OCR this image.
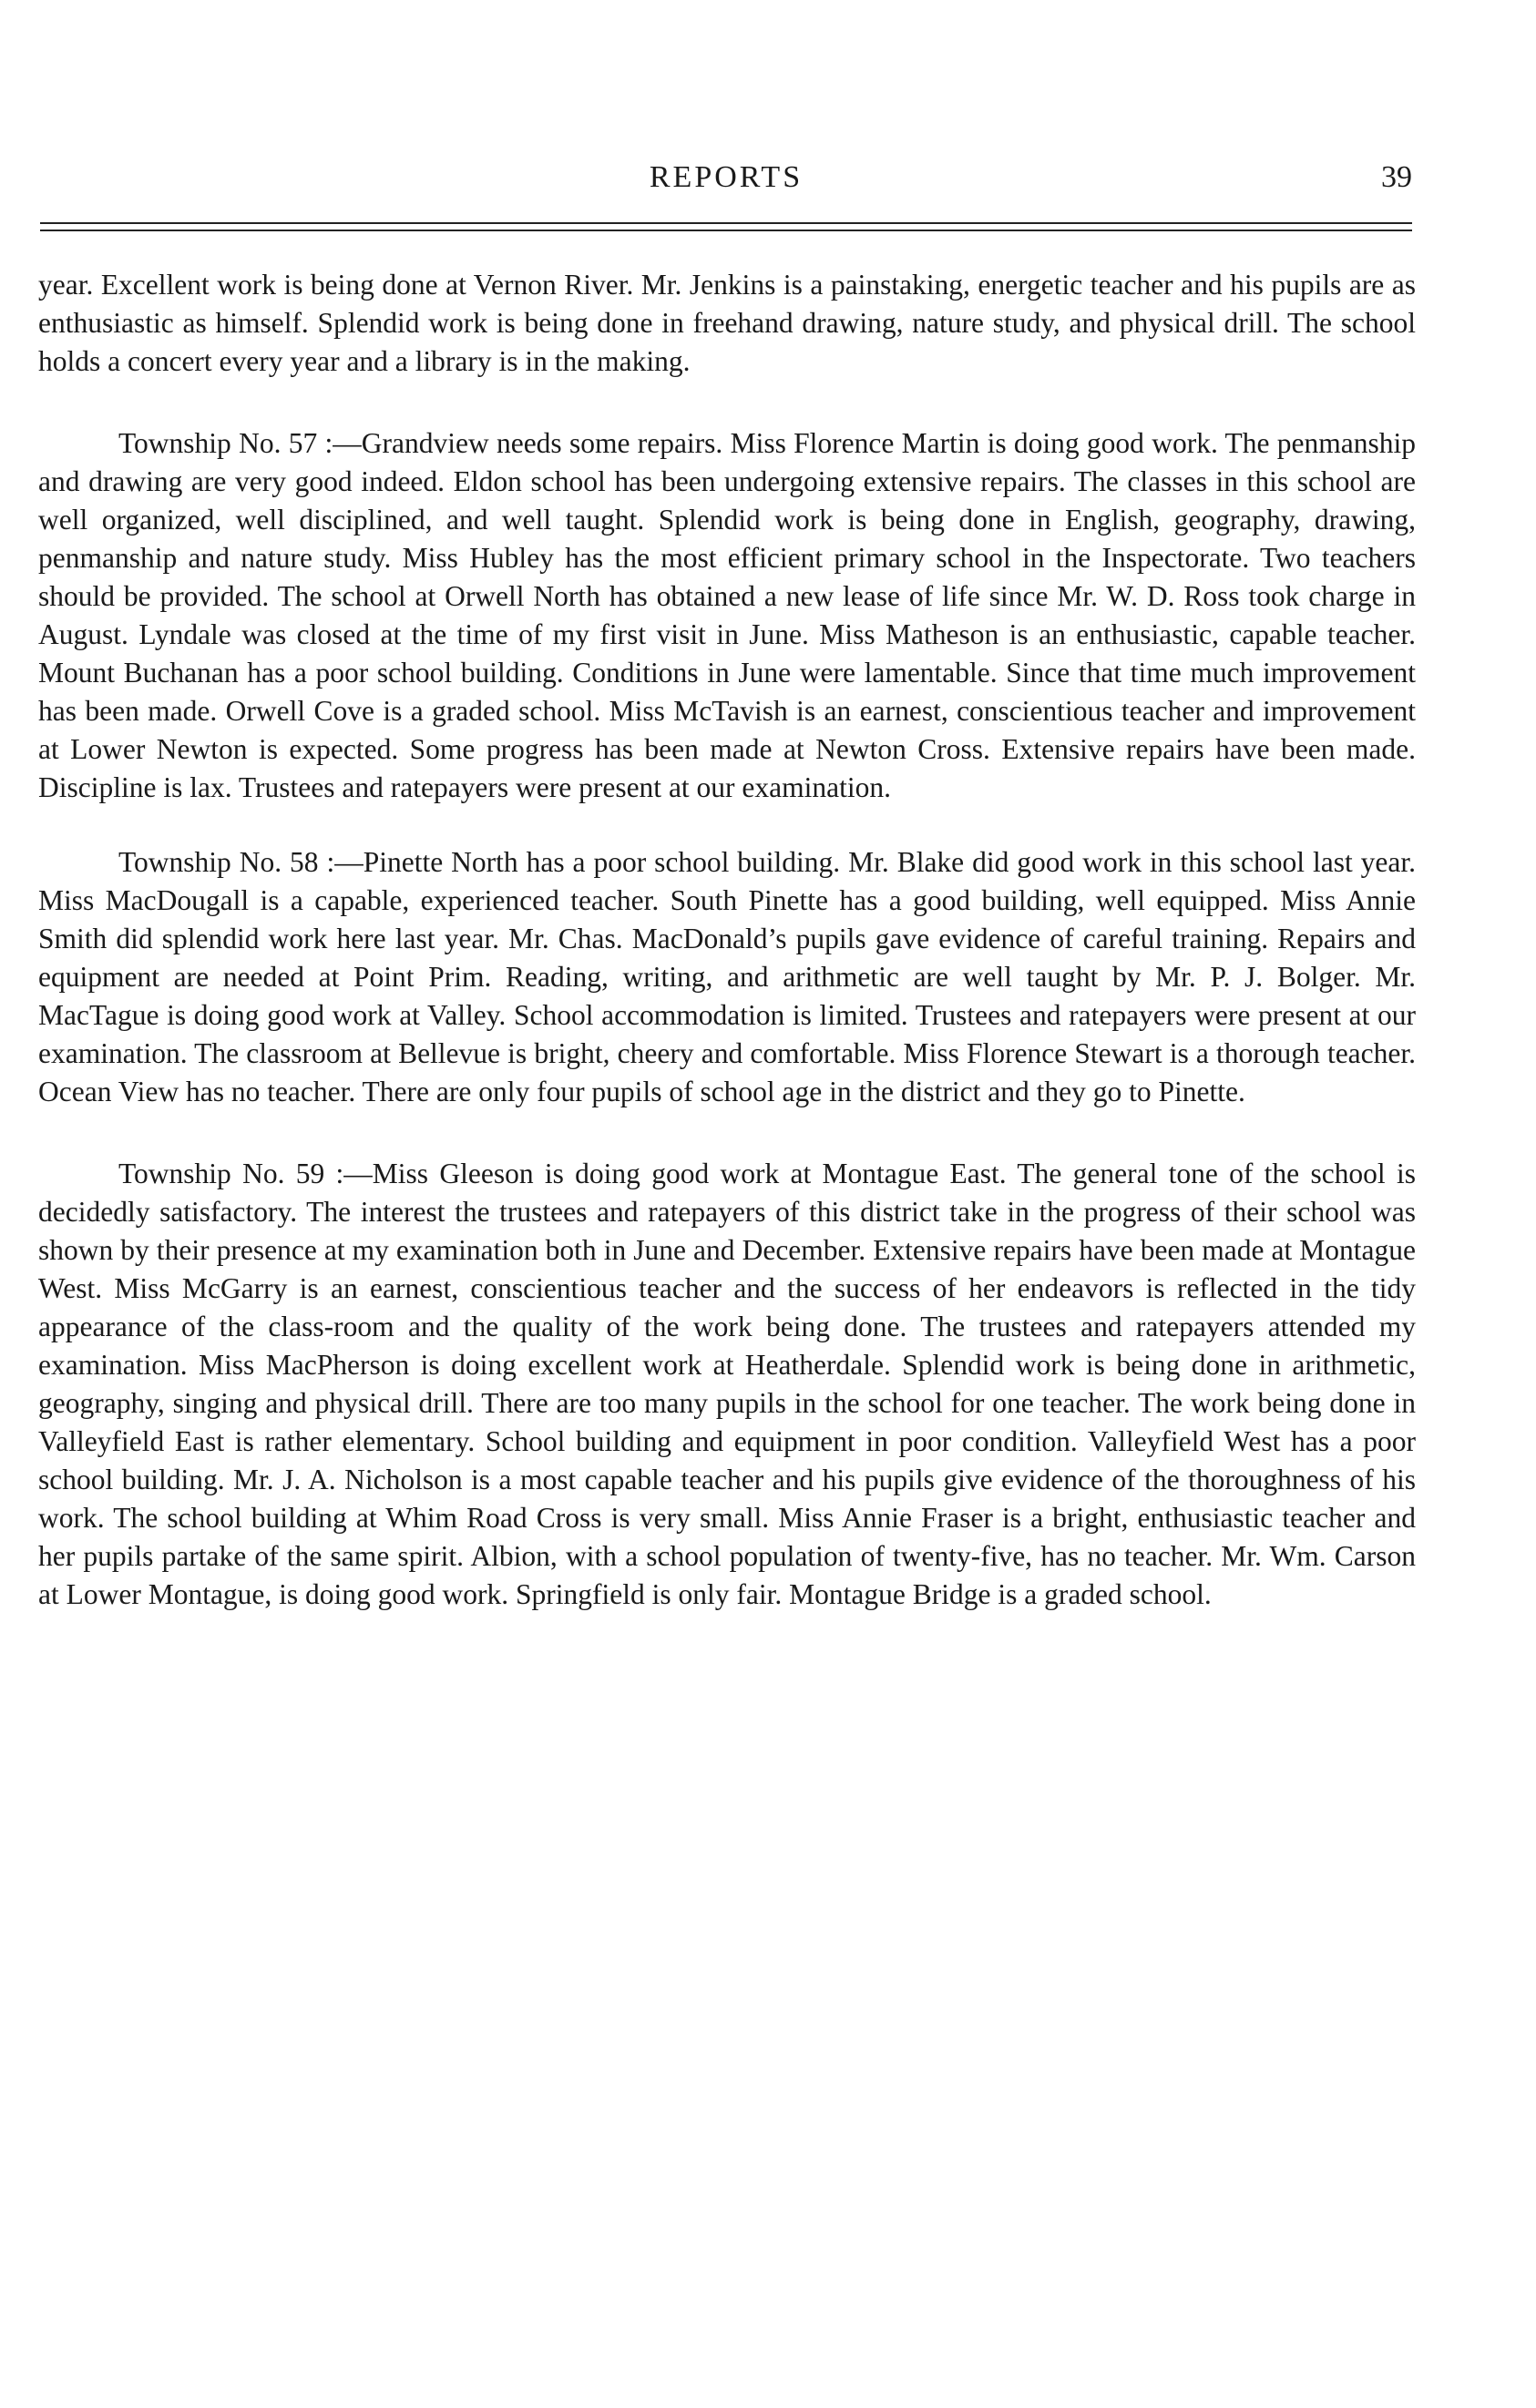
REPORTS	39

year. Excellent work is being done at Vernon River. Mr. Jenkins is a painstaking, energetic teacher and his pupils are as enthusiastic as himself. Splendid work is being done in freehand drawing, nature study, and physical drill. The school holds a concert every year and a library is in the making.

Township No. 57 :—Grandview needs some repairs. Miss Florence Martin is doing good work. The penmanship and drawing are very good indeed. Eldon school has been undergoing extensive repairs. The classes in this school are well organized, well disciplined, and well taught. Splendid work is being done in English, geography, drawing, penmanship and nature study. Miss Hubley has the most efficient primary school in the Inspectorate. Two teachers should be provided. The school at Orwell North has obtained a new lease of life since Mr. W. D. Ross took charge in August. Lyndale was closed at the time of my first visit in June. Miss Matheson is an enthusiastic, capable teacher. Mount Buchanan has a poor school building. Conditions in June were lamentable. Since that time much improvement has been made. Orwell Cove is a graded school. Miss McTavish is an earnest, conscientious teacher and improvement at Lower Newton is expected. Some progress has been made at Newton Cross. Extensive repairs have been made. Discipline is lax. Trustees and ratepayers were present at our examination.

Township No. 58 :—Pinette North has a poor school building. Mr. Blake did good work in this school last year. Miss MacDougall is a capable, experienced teacher. South Pinette has a good building, well equipped. Miss Annie Smith did splendid work here last year. Mr. Chas. MacDonald’s pupils gave evidence of careful training. Repairs and equipment are needed at Point Prim. Reading, writing, and arithmetic are well taught by Mr. P. J. Bolger. Mr. MacTague is doing good work at Valley. School accommodation is limited. Trustees and ratepayers were present at our examination. The classroom at Bellevue is bright, cheery and comfortable. Miss Florence Stewart is a thorough teacher. Ocean View has no teacher. There are only four pupils of school age in the district and they go to Pinette.

Township No. 59 :—Miss Gleeson is doing good work at Montague East. The general tone of the school is decidedly satisfactory. The interest the trustees and ratepayers of this district take in the progress of their school was shown by their presence at my examination both in June and December. Extensive repairs have been made at Montague West. Miss McGarry is an earnest, conscientious teacher and the success of her endeavors is reflected in the tidy appearance of the class-room and the quality of the work being done. The trustees and ratepayers attended my examination. Miss MacPherson is doing excellent work at Heatherdale. Splendid work is being done in arithmetic, geography, singing and physical drill. There are too many pupils in the school for one teacher. The work being done in Valleyfield East is rather elementary. School building and equipment in poor condition. Valleyfield West has a poor school building. Mr. J. A. Nicholson is a most capable teacher and his pupils give evidence of the thoroughness of his work. The school building at Whim Road Cross is very small. Miss Annie Fraser is a bright, enthusiastic teacher and her pupils partake of the same spirit. Albion, with a school population of twenty-five, has no teacher. Mr. Wm. Carson at Lower Montague, is doing good work. Springfield is only fair. Montague Bridge is a graded school.
